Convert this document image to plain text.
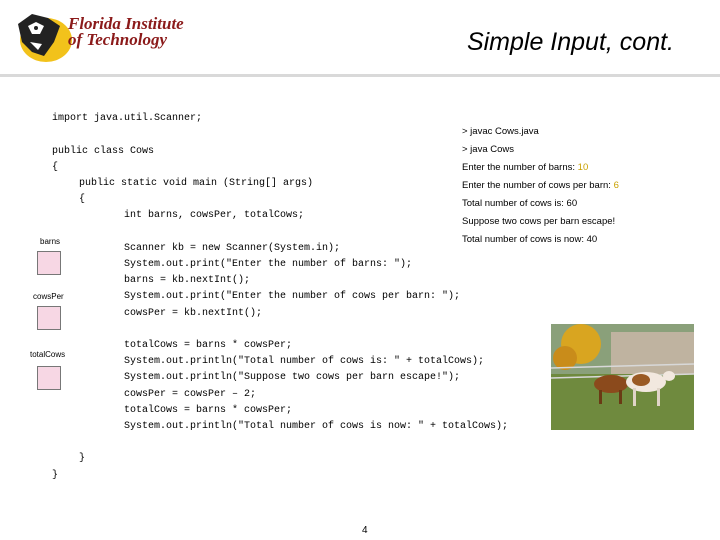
Florida Institute
of Technology	Simple Input, cont.
import java.util.Scanner;
public class Cows
{
public static void main (String[] args)
{
int barns, cowsPer, totalCows;
Scanner kb = new Scanner(System.in);
System.out.print("Enter the number of barns: ");
barns = kb.nextInt();
System.out.print("Enter the number of cows per barn: ");
cowsPer = kb.nextInt();
totalCows = barns * cowsPer;
System.out.println("Total number of cows is: " + totalCows);
System.out.println("Suppose two cows per barn escape!");
cowsPer = cowsPer – 2;
totalCows = barns * cowsPer;
System.out.println("Total number of cows is now: " + totalCows);
}
}
> javac Cows.java
> java Cows
Enter the number of barns: 10
Enter the number of cows per barn: 6
Total number of cows is: 60
Suppose two cows per barn escape!
Total number of cows is now: 40
barns
cowsPer
totalCows
4
